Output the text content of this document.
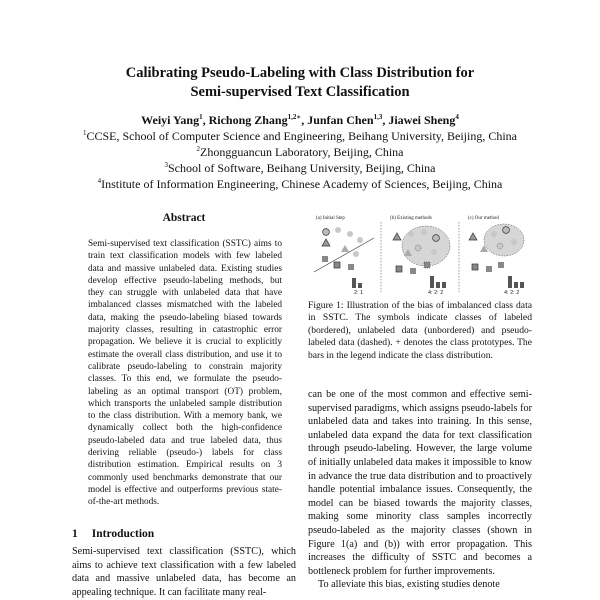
Calibrating Pseudo-Labeling with Class Distribution for
Semi-supervised Text Classification
Weiyi Yang$^1$, Richong Zhang$^{1,2∗}$, Junfan Chen$^{1,3}$, Jiawei Sheng$^4$
$^1$CCSE, School of Computer Science and Engineering, Beihang University, Beijing, China
$^2$Zhongguancun Laboratory, Beijing, China
$^3$School of Software, Beihang University, Beijing, China
$^4$Institute of Information Engineering, Chinese Academy of Sciences, Beijing, China
Abstract
Semi-supervised text classification (SSTC) aims to train text classification models with few labeled data and massive unlabeled data. Existing studies develop effective pseudo-labeling methods, but they can struggle with unlabeled data that have imbalanced classes mismatched with the labeled data, making the pseudo-labeling biased towards majority classes, resulting in catastrophic error propagation. We believe it is crucial to explicitly estimate the overall class distribution, and use it to calibrate pseudo-labeling to constrain majority classes. To this end, we formulate the pseudo-labeling as an optimal transport (OT) problem, which transports the unlabeled sample distribution to the class distribution. With a memory bank, we dynamically collect both the high-confidence pseudo-labeled data and true labeled data, thus deriving reliable (pseudo-) labels for class distribution estimation. Empirical results on 3 commonly used benchmarks demonstrate that our model is effective and outperforms previous state-of-the-art methods.
1 Introduction
Semi-supervised text classification (SSTC), which aims to achieve text classification with a few labeled data and massive unlabeled data, has become an appealing technique. It can facilitate many real-
(a) Initial Step	(b) Existing methods	(c) Our method
2: 1	4: 2: 2	4: 2: 2
Figure 1: Illustration of the bias of imbalanced class data in SSTC. The symbols indicate classes of labeled (bordered), unlabeled data (unbordered) and pseudo-labeled data (dashed). + denotes the class prototypes. The bars in the legend indicate the class distribution.
can be one of the most common and effective semi-supervised paradigms, which assigns pseudo-labels for unlabeled data and takes into training. In this sense, unlabeled data expand the data for text classification through pseudo-labeling. However, the large volume of initially unlabeled data makes it impossible to know in advance the true data distribution and to proactively handle potential imbalance issues. Consequently, the model can be biased towards the majority classes, making some minority class samples incorrectly pseudo-labeled as the majority classes (shown in Figure 1(a) and (b)) with error propagation. This increases the difficulty of SSTC and becomes a bottleneck problem for further improvements.
To alleviate this bias, existing studies denote
